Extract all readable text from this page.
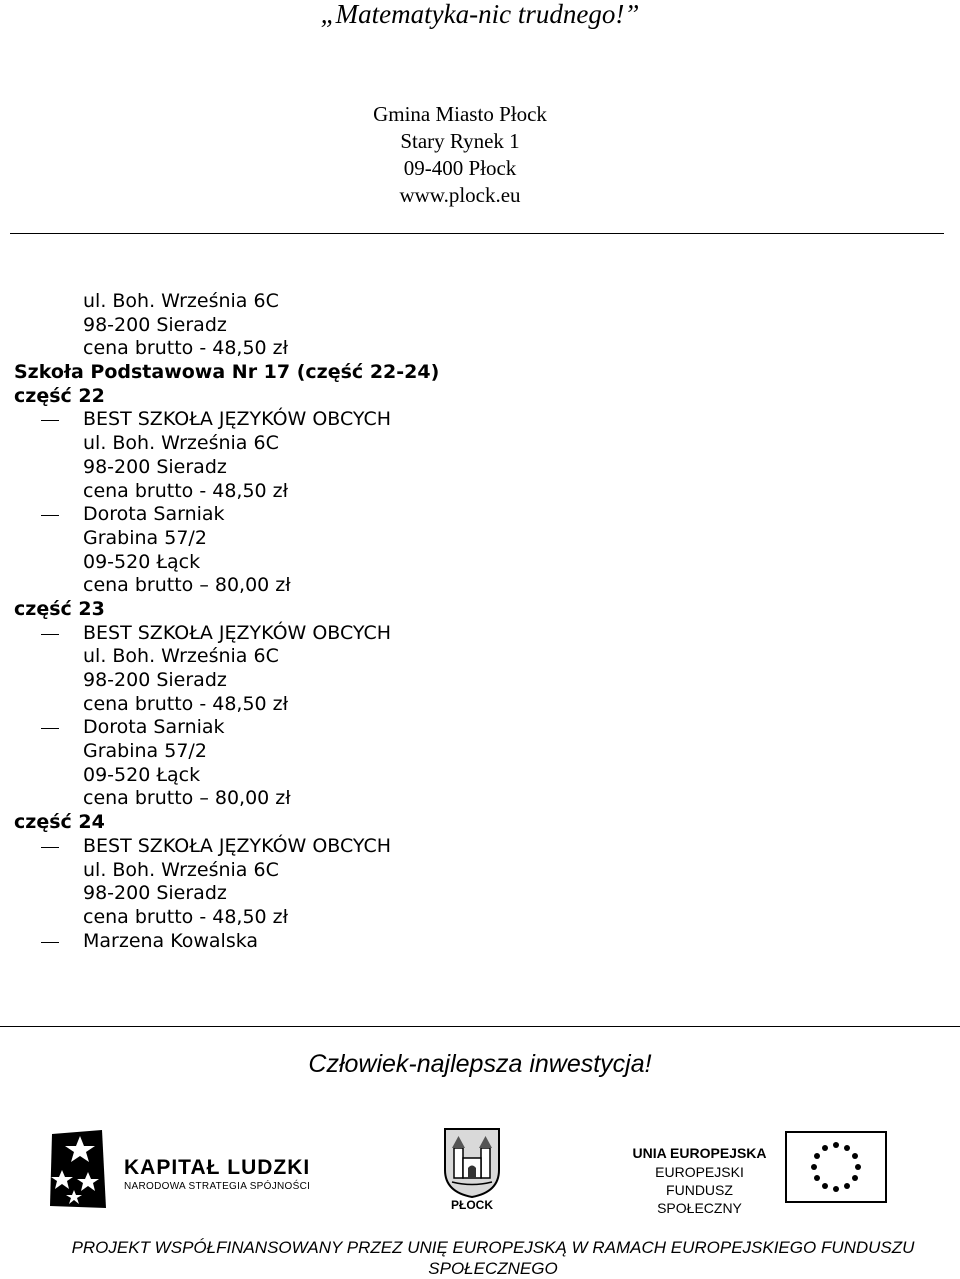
„Matematyka-nic trudnego!”
Gmina Miasto Płock
Stary Rynek 1
09-400 Płock
www.plock.eu
ul. Boh. Września 6C
98-200 Sieradz
cena brutto - 48,50 zł
Szkoła Podstawowa Nr 17 (część 22-24)
część 22
BEST SZKOŁA JĘZYKÓW OBCYCH
ul. Boh. Września 6C
98-200 Sieradz
cena brutto - 48,50 zł
Dorota Sarniak
Grabina 57/2
09-520 Łąck
cena brutto – 80,00 zł
część 23
BEST SZKOŁA JĘZYKÓW OBCYCH
ul. Boh. Września 6C
98-200 Sieradz
cena brutto - 48,50 zł
Dorota Sarniak
Grabina 57/2
09-520 Łąck
cena brutto – 80,00 zł
część 24
BEST SZKOŁA JĘZYKÓW OBCYCH
ul. Boh. Września 6C
98-200 Sieradz
cena brutto - 48,50 zł
Marzena Kowalska
Człowiek-najlepsza inwestycja!
KAPITAŁ LUDZKI
NARODOWA STRATEGIA SPÓJNOŚCI
PŁOCK
UNIA EUROPEJSKA
EUROPEJSKI
FUNDUSZ SPOŁECZNY
PROJEKT WSPÓŁFINANSOWANY PRZEZ UNIĘ EUROPEJSKĄ W RAMACH EUROPEJSKIEGO FUNDUSZU
SPOŁECZNEGO
